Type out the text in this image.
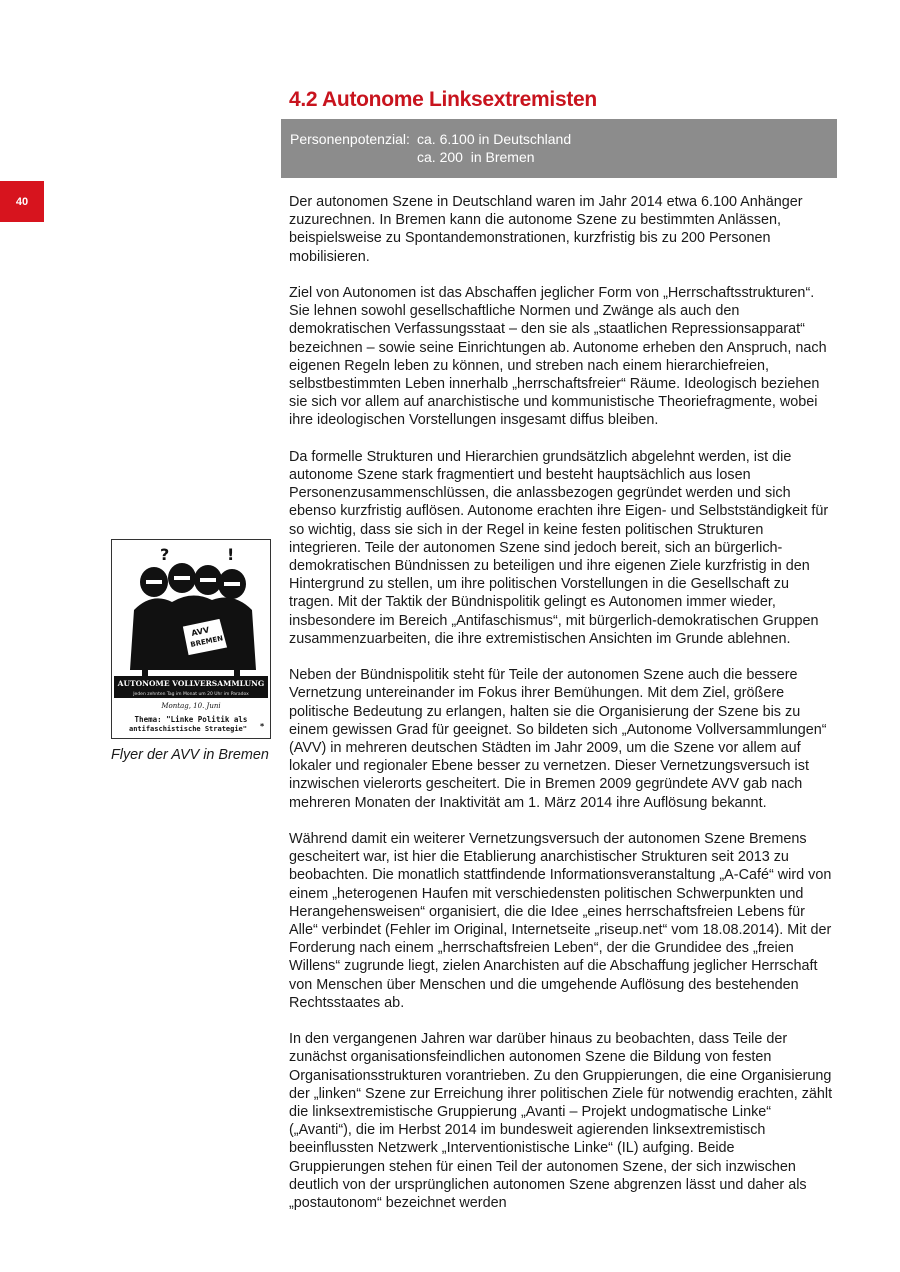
40
4.2 Autonome Linksextremisten
Personenpotenzial: ca. 6.100 in Deutschland
ca. 200  in Bremen
?	!
AVV
BREMEN
AUTONOME VOLLVERSAMMLUNG
Jeden zehnten Tag im Monat um 20 Uhr im Paradox
Montag, 10. Juni
Thema: "Linke Politik als
antifaschistische Strategie" *
Flyer der AVV in Bremen

Der autonomen Szene in Deutschland waren im Jahr 2014 etwa 6.100 Anhänger zuzurechnen. In Bremen kann die autonome Szene zu bestimmten Anlässen, beispielsweise zu Spontandemonstrationen, kurzfristig bis zu 200 Personen mobilisieren.

Ziel von Autonomen ist das Abschaffen jeglicher Form von „Herrschaftsstrukturen“. Sie lehnen sowohl gesellschaftliche Normen und Zwänge als auch den demokratischen Verfassungsstaat – den sie als „staatlichen Repressionsapparat“ bezeichnen – sowie seine Einrichtungen ab. Autonome erheben den Anspruch, nach eigenen Regeln leben zu können, und streben nach einem hierarchiefreien, selbstbestimmten Leben innerhalb „herrschaftsfreier“ Räume. Ideologisch beziehen sie sich vor allem auf anarchistische und kommunistische Theoriefragmente, wobei ihre ideologischen Vorstellungen insgesamt diffus bleiben.

Da formelle Strukturen und Hierarchien grundsätzlich abgelehnt werden, ist die autonome Szene stark fragmentiert und besteht hauptsächlich aus losen Personenzusammenschlüssen, die anlassbezogen gegründet werden und sich ebenso kurzfristig auflösen. Autonome erachten ihre Eigen- und Selbstständigkeit für so wichtig, dass sie sich in der Regel in keine festen politischen Strukturen integrieren. Teile der autonomen Szene sind jedoch bereit, sich an bürgerlich-demokratischen Bündnissen zu beteiligen und ihre eigenen Ziele kurzfristig in den Hintergrund zu stellen, um ihre politischen Vorstellungen in die Gesellschaft zu tragen. Mit der Taktik der Bündnispolitik gelingt es Autonomen immer wieder, insbesondere im Bereich „Antifaschismus“, mit bürgerlich-demokratischen Gruppen zusammenzuarbeiten, die ihre extremistischen Ansichten im Grunde ablehnen.

Neben der Bündnispolitik steht für Teile der autonomen Szene auch die bessere Vernetzung untereinander im Fokus ihrer Bemühungen. Mit dem Ziel, größere politische Bedeutung zu erlangen, halten sie die Organisierung der Szene bis zu einem gewissen Grad für geeignet. So bildeten sich „Autonome Vollversammlungen“ (AVV) in mehreren deutschen Städten im Jahr 2009, um die Szene vor allem auf lokaler und regionaler Ebene besser zu vernetzen. Dieser Vernetzungsversuch ist inzwischen vielerorts gescheitert. Die in Bremen 2009 gegründete AVV gab nach mehreren Monaten der Inaktivität am 1. März 2014 ihre Auflösung bekannt.

Während damit ein weiterer Vernetzungsversuch der autonomen Szene Bremens gescheitert war, ist hier die Etablierung anarchistischer Strukturen seit 2013 zu beobachten. Die monatlich stattfindende Informationsveranstaltung „A-Café“ wird von einem „heterogenen Haufen mit verschiedensten politischen Schwerpunkten und Herangehensweisen“ organisiert, die die Idee „eines herrschaftsfreien Lebens für Alle“ verbindet (Fehler im Original, Internetseite „riseup.net“ vom 18.08.2014). Mit der Forderung nach einem „herrschaftsfreien Leben“, der die Grundidee des „freien Willens“ zugrunde liegt, zielen Anarchisten auf die Abschaffung jeglicher Herrschaft von Menschen über Menschen und die umgehende Auflösung des bestehenden Rechtsstaates ab.

In den vergangenen Jahren war darüber hinaus zu beobachten, dass Teile der zunächst organisationsfeindlichen autonomen Szene die Bildung von festen Organisationsstrukturen vorantrieben. Zu den Gruppierungen, die eine Organisierung der „linken“ Szene zur Erreichung ihrer politischen Ziele für notwendig erachten, zählt die linksextremistische Gruppierung „Avanti – Projekt undogmatische Linke“ („Avanti“), die im Herbst 2014 im bundesweit agierenden linksextremistisch beeinflussten Netzwerk „Interventionistische Linke“ (IL) aufging. Beide Gruppierungen stehen für einen Teil der autonomen Szene, der sich inzwischen deutlich von der ursprünglichen autonomen Szene abgrenzen lässt und daher als „postautonom“ bezeichnet werden
